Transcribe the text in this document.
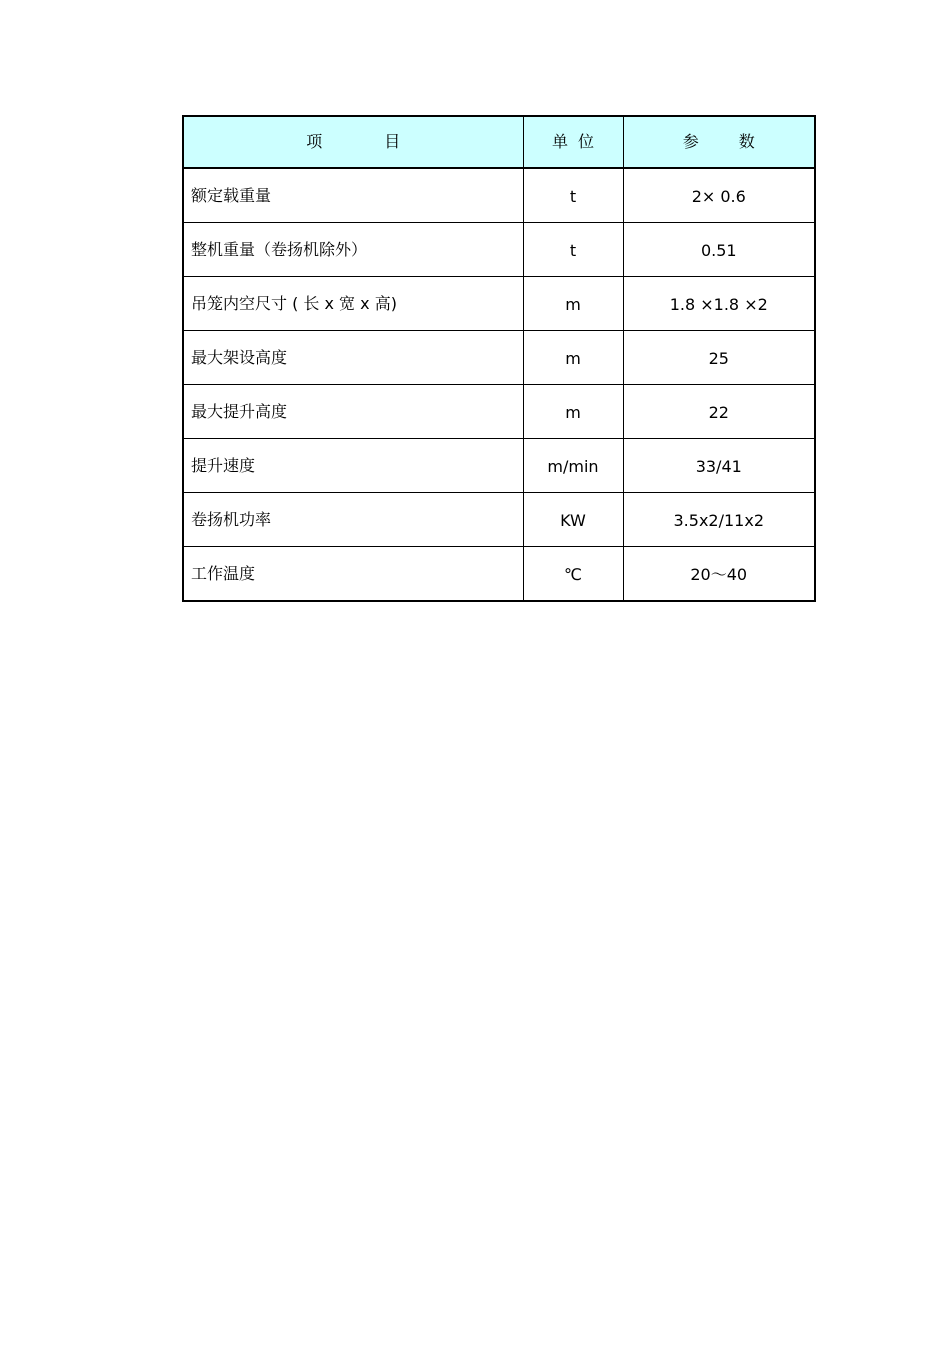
项 目	单 位	参 数
额定载重量	t	2× 0.6
整机重量（卷扬机除外）	t	0.51
吊笼内空尺寸 ( 长 x 宽 x 高)	m	1.8 ×1.8 ×2
最大架设高度	m	25
最大提升高度	m	22
提升速度	m/min	33/41
卷扬机功率	KW	3.5x2/11x2
工作温度	℃	20～40
